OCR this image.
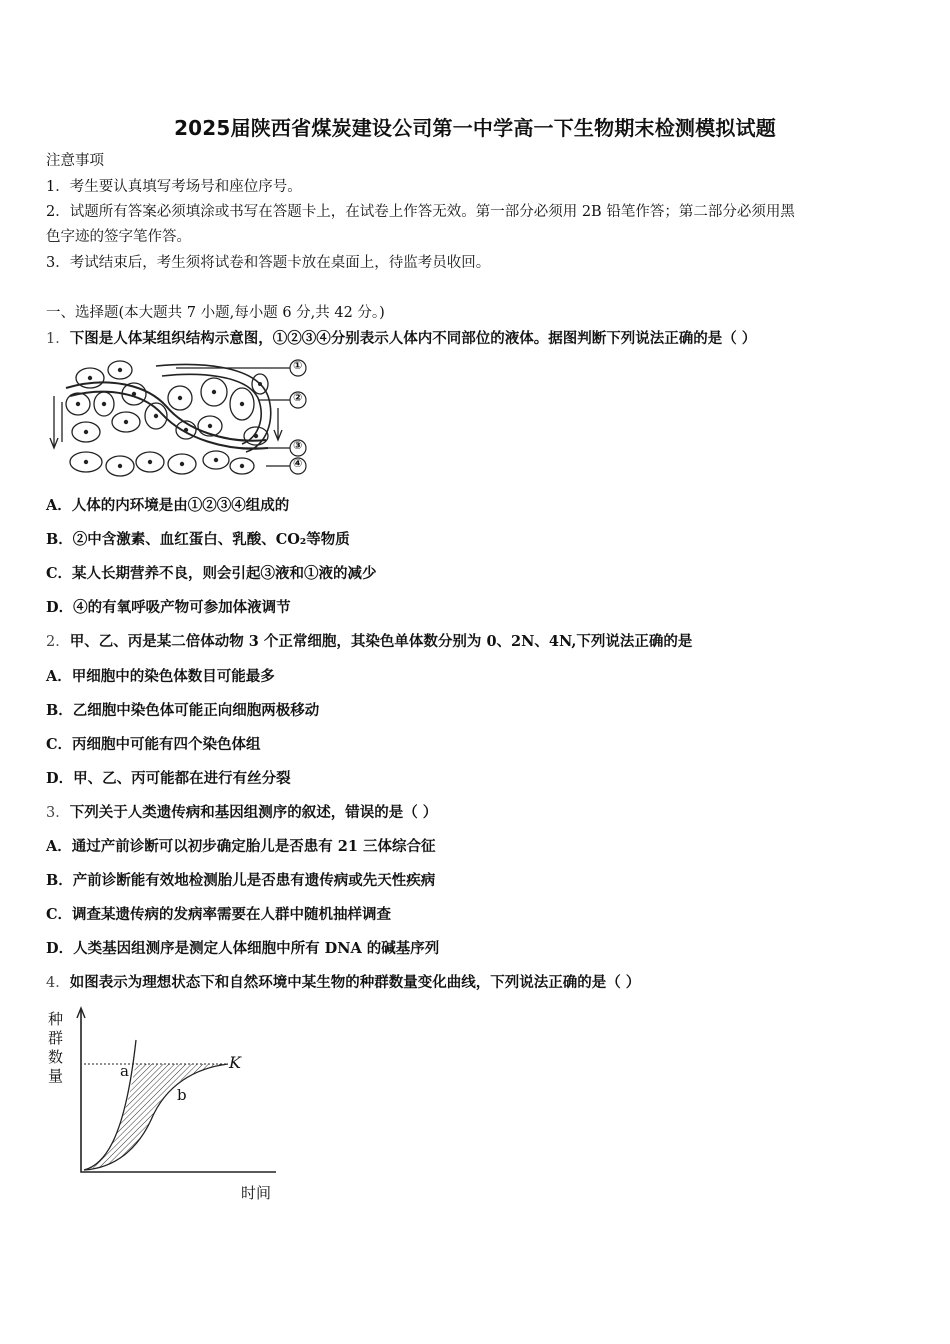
2025届陕西省煤炭建设公司第一中学高一下生物期末检测模拟试题
注意事项
1．考生要认真填写考场号和座位序号。
2．试题所有答案必须填涂或书写在答题卡上，在试卷上作答无效。第一部分必须用 2B 铅笔作答；第二部分必须用黑
色字迹的签字笔作答。
3．考试结束后，考生须将试卷和答题卡放在桌面上，待监考员收回。
一、选择题(本大题共 7 小题,每小题 6 分,共 42 分。)
1．下图是人体某组织结构示意图，①②③④分别表示人体内不同部位的液体。据图判断下列说法正确的是（ ）
①
②
③
④
A．人体的内环境是由①②③④组成的
B．②中含激素、血红蛋白、乳酸、CO₂等物质
C．某人长期营养不良，则会引起③液和①液的减少
D．④的有氧呼吸产物可参加体液调节
2．甲、乙、丙是某二倍体动物 3 个正常细胞，其染色单体数分别为 0、2N、4N,下列说法正确的是
A．甲细胞中的染色体数目可能最多
B．乙细胞中染色体可能正向细胞两极移动
C．丙细胞中可能有四个染色体组
D．甲、乙、丙可能都在进行有丝分裂
3．下列关于人类遗传病和基因组测序的叙述，错误的是（ ）
A．通过产前诊断可以初步确定胎儿是否患有 21 三体综合征
B．产前诊断能有效地检测胎儿是否患有遗传病或先天性疾病
C．调查某遗传病的发病率需要在人群中随机抽样调查
D．人类基因组测序是测定人体细胞中所有 DNA 的碱基序列
4．如图表示为理想状态下和自然环境中某生物的种群数量变化曲线，下列说法正确的是（ ）
种
群
数
量	a
b
K
时间
